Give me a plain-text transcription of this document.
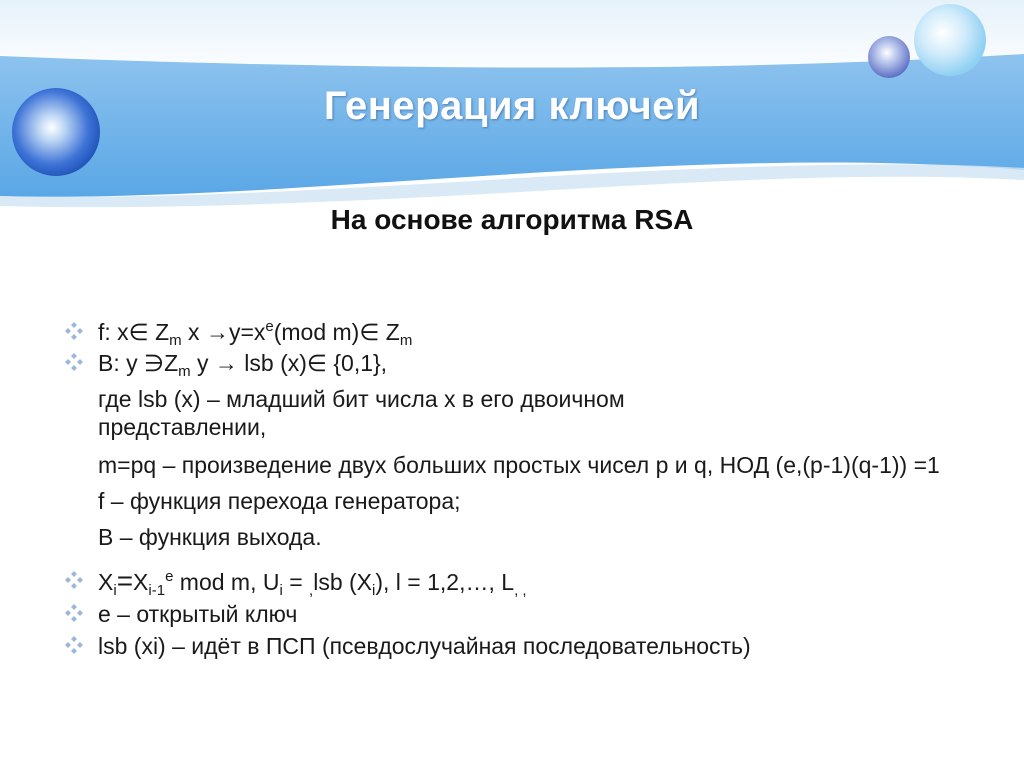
Генерация ключей
На основе алгоритма RSA
f: x∈ $Z_m$ $x \to y=x^e(mod$ m)∈ $Z_m$
B: y $∋Z_m$ y → lsb (x)∈ {0,1},
где lsb (x) – младший бит числа x в его двоичном представлении,
m=pq – произведение двух больших простых чисел p и q, НОД (e,(p-1)(q-1)) =1
f – функция перехода генератора;
B – функция выхода.
$X_i=X_{i-1}^e$ mod m, $U_i = _,lsb$ $(X_i)$, l = 1,2,…, $L_{, ,}$
e – открытый ключ
lsb (xi) – идёт в ПСП (псевдослучайная последовательность)
